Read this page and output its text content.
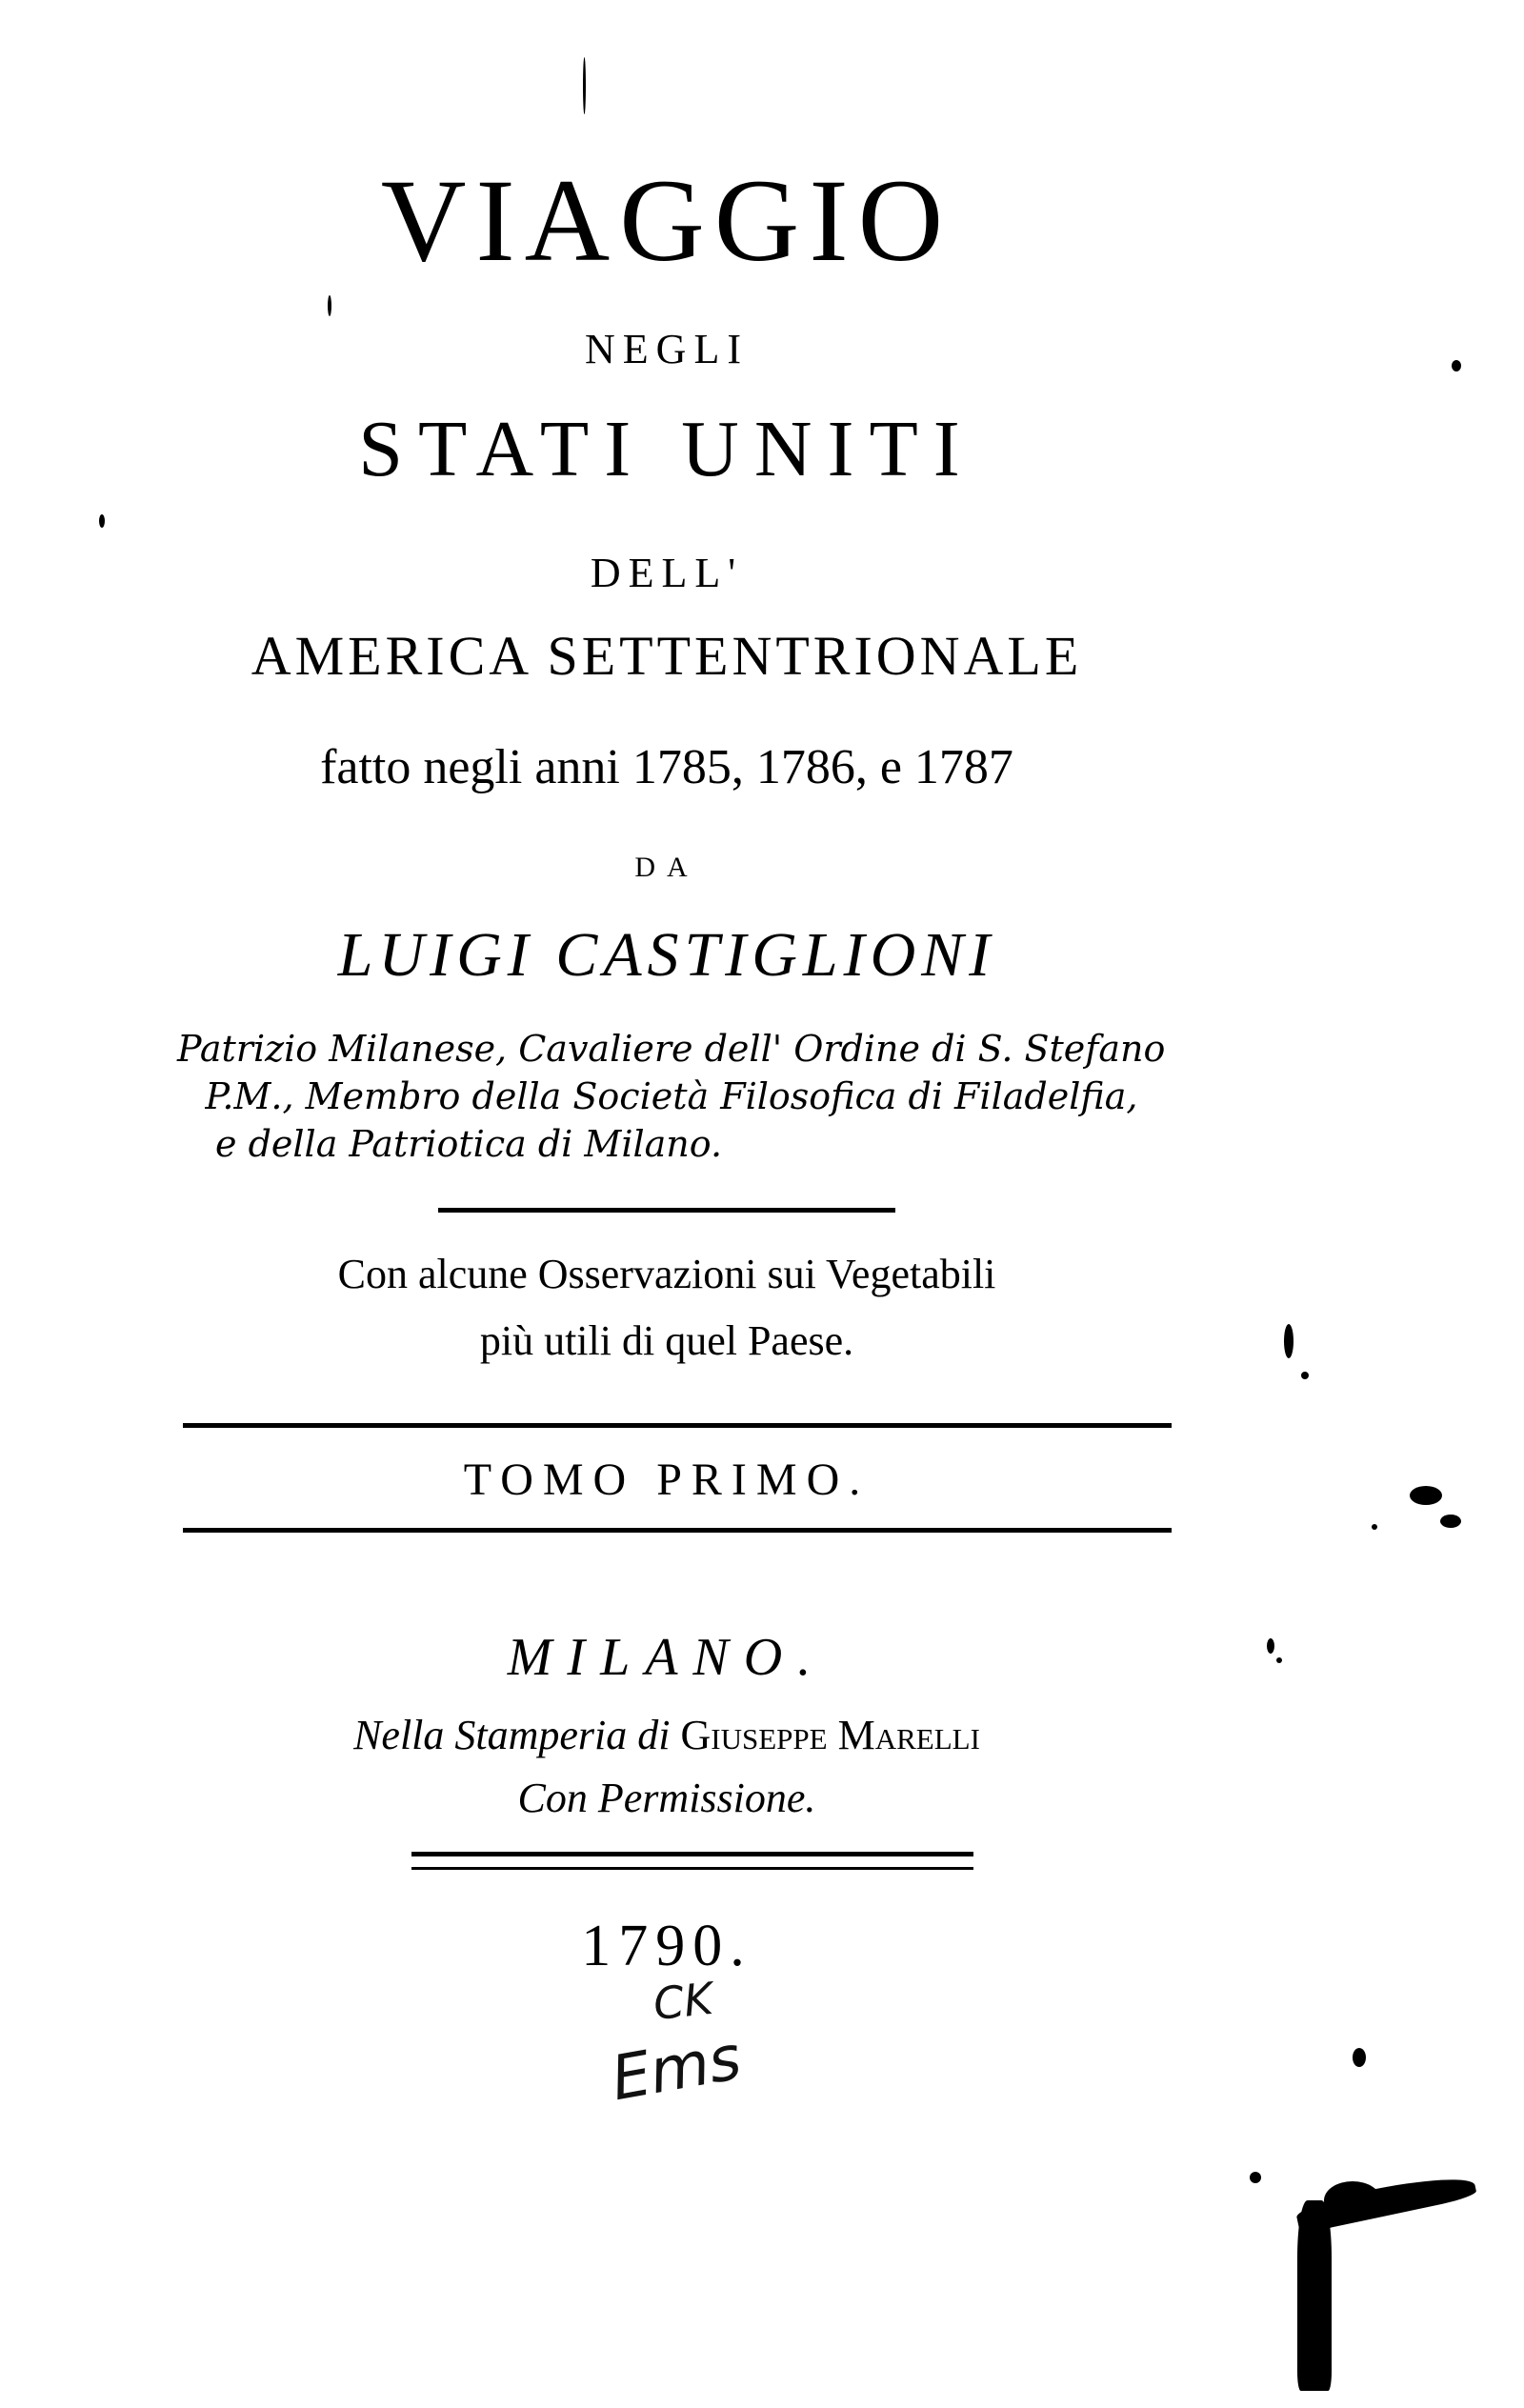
VIAGGIO
NEGLI
STATI UNITI
DELL'
AMERICA SETTENTRIONALE
fatto negli anni 1785, 1786, e 1787
DA
LUIGI CASTIGLIONI
Patrizio Milanese, Cavaliere dell' Ordine di S. Stefano
P.M., Membro della Società Filosofica di Filadelfia,
e della Patriotica di Milano.
Con alcune Osservazioni sui Vegetabili
più utili di quel Paese.
TOMO PRIMO.
MILANO.
Nella Stamperia di Giuseppe Marelli
Con Permissione.
1790.
CK
Ems
